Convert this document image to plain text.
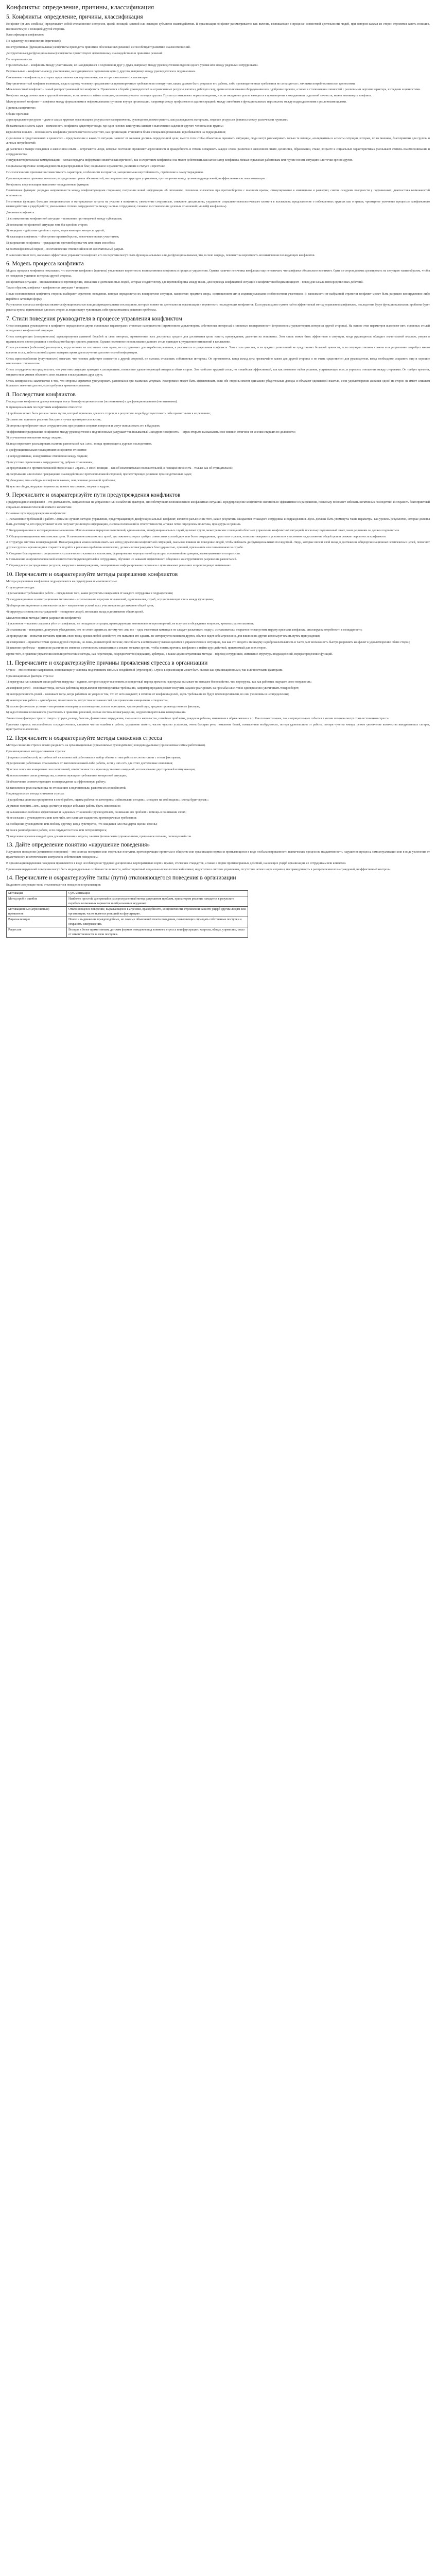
Конфликты: определение, причины, классификация
5. Конфликты: определение, причины, классификация

Конфликт (от лат. conflictus) представляет собой столкновение интересов, целей, позиций, мнений или взглядов субъектов взаимодействия. В организации конфликт рассматривается как явление, возникающее в процессе совместной деятельности людей, при котором каждая из сторон стремится занять позицию, несовместимую с позицией другой стороны.

Классификация конфликтов:

По характеру возникновения (причинам):

Конструктивные (функциональные) конфликты приводят к принятию обоснованных решений и способствуют развитию взаимоотношений.

Деструктивные (дисфункциональные) конфликты препятствуют эффективному взаимодействию и принятию решений.

По направленности:

Горизонтальные – конфликты между участниками, не находящимися в подчинении друг у друга, например между руководителями отделов одного уровня или между рядовыми сотрудниками.

Вертикальные – конфликты между участниками, находящимися в подчинении один у другого, например между руководителем и подчиненным.

Смешанные – конфликты, в которых представлены как вертикальные, так и горизонтальные составляющие.

Внутриличностный конфликт возникает, когда к одному человеку предъявляются противоречивые требования по поводу того, каким должен быть результат его работы, либо производственные требования не согласуются с личными потребностями или ценностями.

Межличностный конфликт – самый распространенный тип конфликта. Проявляется в борьбе руководителей за ограниченные ресурсы, капитал, рабочую силу, время использования оборудования или одобрение проекта, а также в столкновении личностей с различными чертами характера, взглядами и ценностями.

Конфликт между личностью и группой возникает, если личность займет позицию, отличающуюся от позиции группы. Группа устанавливает нормы поведения, и если ожидания группы находятся в противоречии с ожиданиями отдельной личности, может возникнуть конфликт.

Межгрупповой конфликт – конфликт между формальными и неформальными группами внутри организации, например между профсоюзом и администрацией, между линейным и функциональным персоналом, между подразделениями с различными целями.

Причины конфликтов:

Общие причины:

а) распределение ресурсов – даже в самых крупных организациях ресурсы всегда ограничены, руководство должно решить, как распределить материалы, людские ресурсы и финансы между различными группами;

б) взаимозависимость задач – возможность конфликта существует везде, где один человек или группа зависят в выполнении задачи от другого человека или группы;

в) различия в целях – возможность конфликта увеличивается по мере того, как организации становятся более специализированными и разбиваются на подразделения;

г) различия в представлениях и ценностях – представление о какой-то ситуации зависит от желания достичь определенной цели; вместо того чтобы объективно оценивать ситуацию, люди могут рассматривать только те взгляды, альтернативы и аспекты ситуации, которые, по их мнению, благоприятны для группы и личных потребностей;

д) различия в манере поведения и жизненном опыте – встречаются люди, которые постоянно проявляют агрессивность и враждебность и готовы оспаривать каждое слово; различия в жизненном опыте, ценностях, образовании, стаже, возрасте и социальных характеристиках уменьшают степень взаимопонимания и сотрудничества;

е) неудовлетворительные коммуникации – плохая передача информации является как причиной, так и следствием конфликта; она может действовать как катализатор конфликта, мешая отдельным работникам или группе понять ситуацию или точки зрения других.

Социальные причины: несправедливость в распределении благ, социальное неравенство, различия в статусе и престиже.

Психологические причины: несовместимость характеров, особенности восприятия, эмоциональная неустойчивость, стремление к самоутверждению.

Организационные причины: нечеткое распределение прав и обязанностей, несовершенство структуры управления, противоречия между целями подразделений, неэффективная система мотивации.

Конфликты в организации выполняют определенные функции:

Позитивные функции: разрядка напряженности между конфликтующими сторонами; получение новой информации об оппоненте; сплочение коллектива при противоборстве с внешним врагом; стимулирование к изменениям и развитию; снятие синдрома покорности у подчиненных; диагностика возможностей оппонентов.

Негативные функции: большие эмоциональные и материальные затраты на участие в конфликте; увольнение сотрудников, снижение дисциплины, ухудшение социально-психологического климата в коллективе; представление о побежденных группах как о врагах; чрезмерное увлечение процессом конфликтного взаимодействия в ущерб работе; уменьшение степени сотрудничества между частью сотрудников; сложное восстановление деловых отношений («шлейф конфликта»).

Динамика конфликта:

1) возникновение конфликтной ситуации – появление противоречий между субъектами;

2) осознание конфликтной ситуации хотя бы одной из сторон;

3) инцидент – действия одной из сторон, затрагивающие интересы другой;

4) эскалация конфликта – обострение противоборства, вовлечение новых участников;

5) разрешение конфликта – прекращение противоборства тем или иным способом;

6) постконфликтный период – восстановление отношений или их окончательный разрыв.

В зависимости от того, насколько эффективно управляется конфликт, его последствия могут стать функциональными или дисфункциональными, что, в свою очередь, повлияет на вероятность возникновения последующих конфликтов.

6. Модель процесса конфликта

Модель процесса конфликта показывает, что источник конфликта (причина) увеличивает вероятность возникновения конфликта в процессе управления. Однако наличие источника конфликта еще не означает, что конфликт обязательно возникнет. Одна из сторон должна среагировать на ситуацию таким образом, чтобы ее поведение ущемило интересы другой стороны.

Конфликтная ситуация – это накопившиеся противоречия, связанные с деятельностью людей, которые создают почву для противоборства между ними. Для перехода конфликтной ситуации в конфликт необходим инцидент – повод для начала непосредственных действий.

Таким образом, конфликт = конфликтная ситуация + инцидент.

После возникновения конфликта стороны выбирают стратегию поведения, которая определяется их восприятием ситуации, важностью предмета спора, соотношением сил и индивидуальными особенностями участников. В зависимости от выбранной стратегии конфликт может быть разрешен конструктивно либо перейти в затяжную форму.

Результатом процесса конфликта являются функциональные или дисфункциональные последствия, которые влияют на деятельность организации и вероятность последующих конфликтов. Если руководство сумеет найти эффективный метод управления конфликтом, последствия будут функциональными: проблема будет решена путем, приемлемым для всех сторон, и люди станут чувствовать себя причастными к решению проблемы.

7. Стили поведения руководителя в процессе управления конфликтом

Стили поведения руководителя в конфликте определяются двумя основными параметрами: степенью напористости (стремлением удовлетворить собственные интересы) и степенью кооперативности (стремлением удовлетворить интересы другой стороны). На основе этих параметров выделяют пять основных стилей поведения в конфликтной ситуации.

Стиль конкуренции (соперничества) характеризуется активной борьбой за свои интересы, применением всех доступных средств для достижения цели: власти, принуждения, давления на оппонента. Этот стиль может быть эффективен в ситуации, когда руководитель обладает значительной властью, уверен в правильности своего решения и необходимо быстро принять решение. Однако постоянное использование данного стиля приводит к ухудшению отношений в коллективе.

Стиль уклонения (избегания) реализуется, когда человек не отстаивает свои права, не сотрудничает для выработки решения, а уклоняется от разрешения конфликта. Этот стиль уместен, если предмет разногласий не представляет большой ценности, если ситуация слишком сложна и ее разрешение потребует много времени и сил, либо если необходимо выиграть время для получения дополнительной информации.

Стиль приспособления (уступчивости) означает, что человек действует совместно с другой стороной, не пытаясь отстаивать собственные интересы. Он применяется, когда исход дела чрезвычайно важен для другой стороны и не очень существенен для руководителя, когда необходимо сохранить мир и хорошие отношения с оппонентом.

Стиль сотрудничества предполагает, что участник ситуации приходит к альтернативе, полностью удовлетворяющей интересы обеих сторон. Это наиболее трудный стиль, но и наиболее эффективный, так как позволяет найти решение, устраивающее всех, и укрепить отношения между сторонами. Он требует времени, открытости и умения объяснять свои желания и выслушивать друг друга.

Стиль компромисса заключается в том, что стороны стремятся урегулировать разногласия при взаимных уступках. Компромисс может быть эффективным, если обе стороны имеют одинаково убедительные доводы и обладают одинаковой властью, если удовлетворение желания одной из сторон не имеет слишком большого значения для нее, если требуется временное решение.

8. Последствия конфликтов

Последствия конфликтов для организации могут быть функциональными (позитивными) и дисфункциональными (негативными).

К функциональным последствиям конфликтов относятся:

1) проблема может быть решена таким путем, который приемлем для всех сторон, и в результате люди будут чувствовать себя причастными к ее решению;

2) совместно принятое решение быстрее и лучше претворяется в жизнь;

3) стороны приобретают опыт сотрудничества при решении спорных вопросов и могут использовать его в будущем;

4) эффективное разрешение конфликтов между руководителем и подчиненными разрушает так называемый «синдром покорности» – страх открыто высказывать свое мнение, отличное от мнения старших по должности;

5) улучшаются отношения между людьми;

6) люди перестают рассматривать наличие разногласий как «зло», всегда приводящее к дурным последствиям.

К дисфункциональным последствиям конфликтов относятся:

1) непродуктивные, конкурентные отношения между людьми;

2) отсутствие стремления к сотрудничеству, добрым отношениям;

3) представление о противоположной стороне как о «враге», о своей позиции – как об исключительно положительной, о позиции оппонента – только как об отрицательной;

4) свертывание или полное прекращение взаимодействия с противоположной стороной, препятствующее решению производственных задач;

5) убеждение, что «победа» в конфликте важнее, чем решение реальной проблемы;

6) чувство обиды, неудовлетворенность, плохое настроение, текучесть кадров.

9. Перечислите и охарактеризуйте пути предупреждения конфликтов

Предупреждение конфликтов – это деятельность, направленная на устранение или ослабление факторов, способствующих возникновению конфликтных ситуаций. Предупреждение конфликтов значительно эффективнее их разрешения, поскольку позволяет избежать негативных последствий и сохранить благоприятный социально-психологический климат в коллективе.

Основные пути предупреждения конфликтов:

1. Разъяснение требований к работе. Одним из лучших методов управления, предотвращающих дисфункциональный конфликт, является разъяснение того, какие результаты ожидаются от каждого сотрудника и подразделения. Здесь должны быть упомянуты такие параметры, как уровень результатов, которые должны быть достигнуты, кто предоставляет и кто получает различную информацию, система полномочий и ответственности, а также четко определены политика, процедуры и правила.

2. Координационные и интеграционные механизмы. Использование иерархии полномочий, единоначалия, межфункциональных служб, целевых групп, межотдельских совещаний облегчает управление конфликтной ситуацией, поскольку подчиненный знает, чьим решениям он должен подчиняться.

3. Общеорганизационные комплексные цели. Установление комплексных целей, достижение которых требует совместных усилий двух или более сотрудников, групп или отделов, позволяет направить усилия всех участников на достижение общей цели и снижает вероятность конфликтов.

4. Структура системы вознаграждений. Вознаграждения можно использовать как метод управления конфликтной ситуацией, оказывая влияние на поведение людей, чтобы избежать дисфункциональных последствий. Люди, которые вносят свой вклад в достижение общеорганизационных комплексных целей, помогают другим группам организации и стараются подойти к решению проблемы комплексно, должны вознаграждаться благодарностью, премией, признанием или повышением по службе.

5. Создание благоприятного социально-психологического климата в коллективе, формирование корпоративной культуры, основанной на доверии, взаимоуважении и открытости.

6. Повышение конфликтологической компетентности руководителей и сотрудников, обучение их навыкам эффективного общения и конструктивного разрешения разногласий.

7. Справедливое распределение ресурсов, нагрузки и вознаграждения, своевременное информирование персонала о принимаемых решениях и происходящих изменениях.

10. Перечислите и охарактеризуйте методы разрешения конфликтов

Методы разрешения конфликтов подразделяются на структурные и межличностные.

Структурные методы:

1) разъяснение требований к работе – определение того, какие результаты ожидаются от каждого сотрудника и подразделения;

2) координационные и интеграционные механизмы – использование иерархии полномочий, единоначалия, служб, осуществляющих связь между функциями;

3) общеорганизационные комплексные цели – направление усилий всех участников на достижение общей цели;

4) структура системы вознаграждений – поощрение людей, вносящих вклад в достижение общих целей.

Межличностные методы (стили разрешения конфликта):

1) уклонение – человек старается уйти от конфликта, не попадать в ситуации, провоцирующие возникновение противоречий, не вступать в обсуждение вопросов, чреватых разногласиями;

2) сглаживание – поведение, диктуемое убеждением, что не стоит сердиться, потому что «мы все – одна счастливая команда и не следует раскачивать лодку»; «сглаживатель» старается не выпустить наружу признаки конфликта, апеллируя к потребности в солидарности;

3) принуждение – попытки заставить принять свою точку зрения любой ценой; тот, кто пытается это сделать, не интересуется мнением других, обычно ведет себя агрессивно, для влияния на других использует власть путем принуждения;

4) компромисс – принятие точки зрения другой стороны, но лишь до некоторой степени; способность к компромиссу высоко ценится в управленческих ситуациях, так как это сводит к минимуму недоброжелательность и часто дает возможность быстро разрешить конфликт к удовлетворению обеих сторон;

5) решение проблемы – признание различия во мнениях и готовность ознакомиться с иными точками зрения, чтобы понять причины конфликта и найти курс действий, приемлемый для всех сторон.

Кроме того, в практике управления используются такие методы, как переговоры, посредничество (медиация), арбитраж, а также административные методы – перевод сотрудников, изменение структуры подразделений, перераспределение функций.

11. Перечислите и охарактеризуйте причины проявления стресса в организации

Стресс – это состояние напряжения, возникающее у человека под влиянием сильных воздействий (стрессоров). Стресс в организации может быть вызван как организационными, так и личностными факторами.

Организационные факторы стресса:

1) перегрузка или слишком малая рабочая нагрузка – задание, которое следует выполнить в конкретный период времени; недогрузка вызывает не меньшее беспокойство, чем перегрузка, так как работник ощущает свою ненужность;

2) конфликт ролей – возникает тогда, когда к работнику предъявляют противоречивые требования, например продавец может получить задание реагировать на просьбы клиентов и одновременно увеличивать товарооборот;

3) неопределенность ролей – возникает тогда, когда работник не уверен в том, что от него ожидают; в отличие от конфликта ролей, здесь требования не будут противоречивыми, но они уклончивы и неопределенны;

4) неинтересная работа – однообразие, монотонность, отсутствие возможностей для проявления инициативы и творчества;

5) плохие физические условия – неприятная температура в помещении, плохое освещение, чрезмерный шум, вредные производственные факторы;

6) недостаточная возможность участвовать в принятии решений, плохая система вознаграждения, неудовлетворительная коммуникация.

Личностные факторы стресса: смерть супруга, развод, болезнь, финансовые затруднения, смена места жительства, семейные проблемы, рождение ребенка, изменения в образе жизни и т.п. Как положительные, так и отрицательные события в жизни человека могут стать источником стресса.

Признаки стресса: неспособность сосредоточиться, слишком частые ошибки в работе, ухудшение памяти, частое чувство усталости, очень быстрая речь, появление болей, повышенная возбудимость, потеря удовольствия от работы, потеря чувства юмора, резкое увеличение количества выкуриваемых сигарет, пристрастие к алкоголю.

12. Перечислите и охарактеризуйте методы снижения стресса

Методы снижения стресса можно разделить на организационные (применяемые руководителем) и индивидуальные (применяемые самим работником).

Организационные методы снижения стресса:

1) оценка способностей, потребностей и склонностей работников и выбор объема и типа работы в соответствии с этими факторами;

2) разрешение работникам отказываться от выполнения какой-либо работы, если у них есть для этого достаточные основания;

3) четкое описание конкретных зон полномочий, ответственности и производственных ожиданий, использование двусторонней коммуникации;

4) использование стиля руководства, соответствующего требованиям конкретной ситуации;

5) обеспечение соответствующего вознаграждения за эффективную работу;

6) выполнение роли наставника по отношению к подчиненным, развитие их способностей.

Индивидуальные методы снижения стресса:

1) разработка системы приоритетов в своей работе, оценка работы по категориям: «обязательно сегодня», «позднее на этой неделе», «когда будет время»;

2) умение говорить «нет», когда достигнут предел и больше работы брать невозможно;

3) налаживание особенно эффективных и надежных отношений с руководителем, понимание его проблем и помощь в понимании своих;

4) несогласие с руководителем или кем-либо, кто начинает выдвигать противоречивые требования;

5) сообщение руководителю или любому другому, когда чувствуется, что ожидания или стандарты оценки неясны;

6) поиск разнообразия в работе, если ощущается тоска или потеря интереса;

7) выделение времени каждый день для отключения и отдыха, занятия физическими упражнениями, правильное питание, полноценный сон.

13. Дайте определение понятию «нарушение поведения»

Нарушение поведения (девиантное поведение) – это система поступков или отдельные поступки, противоречащие принятым в обществе или организации нормам и проявляющиеся в виде несбалансированности психических процессов, неадаптивности, нарушения процесса самоактуализации или в виде уклонения от нравственного и эстетического контроля за собственным поведением.

В организации нарушения поведения проявляются в виде несоблюдения трудовой дисциплины, корпоративных норм и правил, этических стандартов, а также в форме противоправных действий, наносящих ущерб организации, ее сотрудникам или клиентам.

Причинами нарушений поведения могут быть индивидуальные особенности личности, неблагоприятный социально-психологический климат, недостатки в системе управления, отсутствие четких норм и правил, несправедливость в распределении вознаграждений, неэффективный контроль.

14. Перечислите и охарактеризуйте типы (пути) отклоняющегося поведения в организации

Выделяют следующие типы отклоняющегося поведения в организации:

Мотивация	Суть мотивации
Метод проб и ошибок	Наиболее простой, доступный и распространенный метод разрешения проблем, при котором решение находится в результате перебора возможных вариантов и отбрасывания неудачных.
Мотивационные (агрессивные) проявления	Отклоняющееся поведение, выражающееся в агрессии, враждебности, конфликтности, стремлении нанести ущерб другим людям или организации; часто является реакцией на фрустрацию.
Рационализация	Поиск и выдвижение правдоподобных, но ложных объяснений своего поведения, позволяющих оправдать собственные поступки и сохранить самоуважение.
Регрессия	Возврат к более примитивным, детским формам поведения под влиянием стресса или фрустрации: капризы, обиды, упрямство, отказ от ответственности за свои поступки.
